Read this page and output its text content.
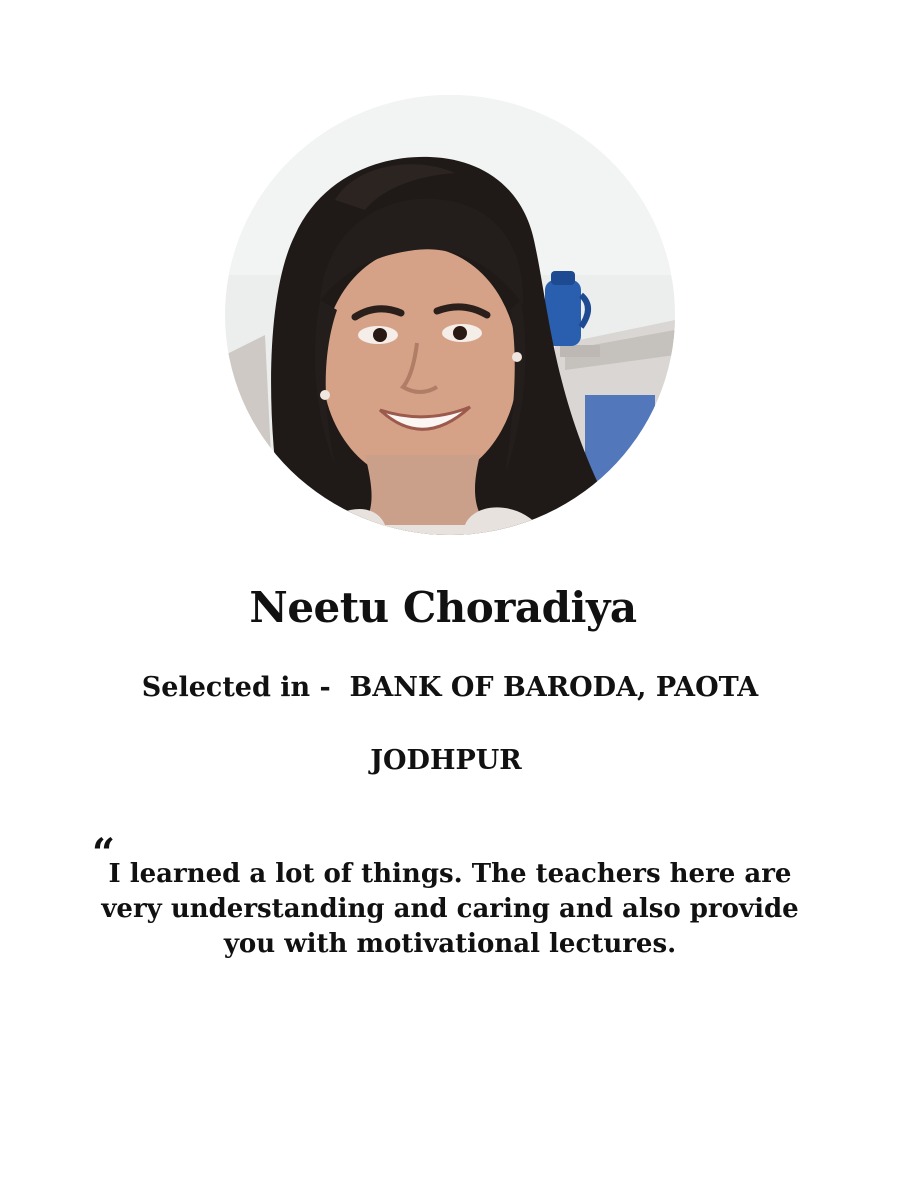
Neetu Choradiya
Selected in -  BANK OF BARODA, PAOTA
JODHPUR
“
I learned a lot of things. The teachers here are very understanding and caring and also provide you with motivational lectures.
